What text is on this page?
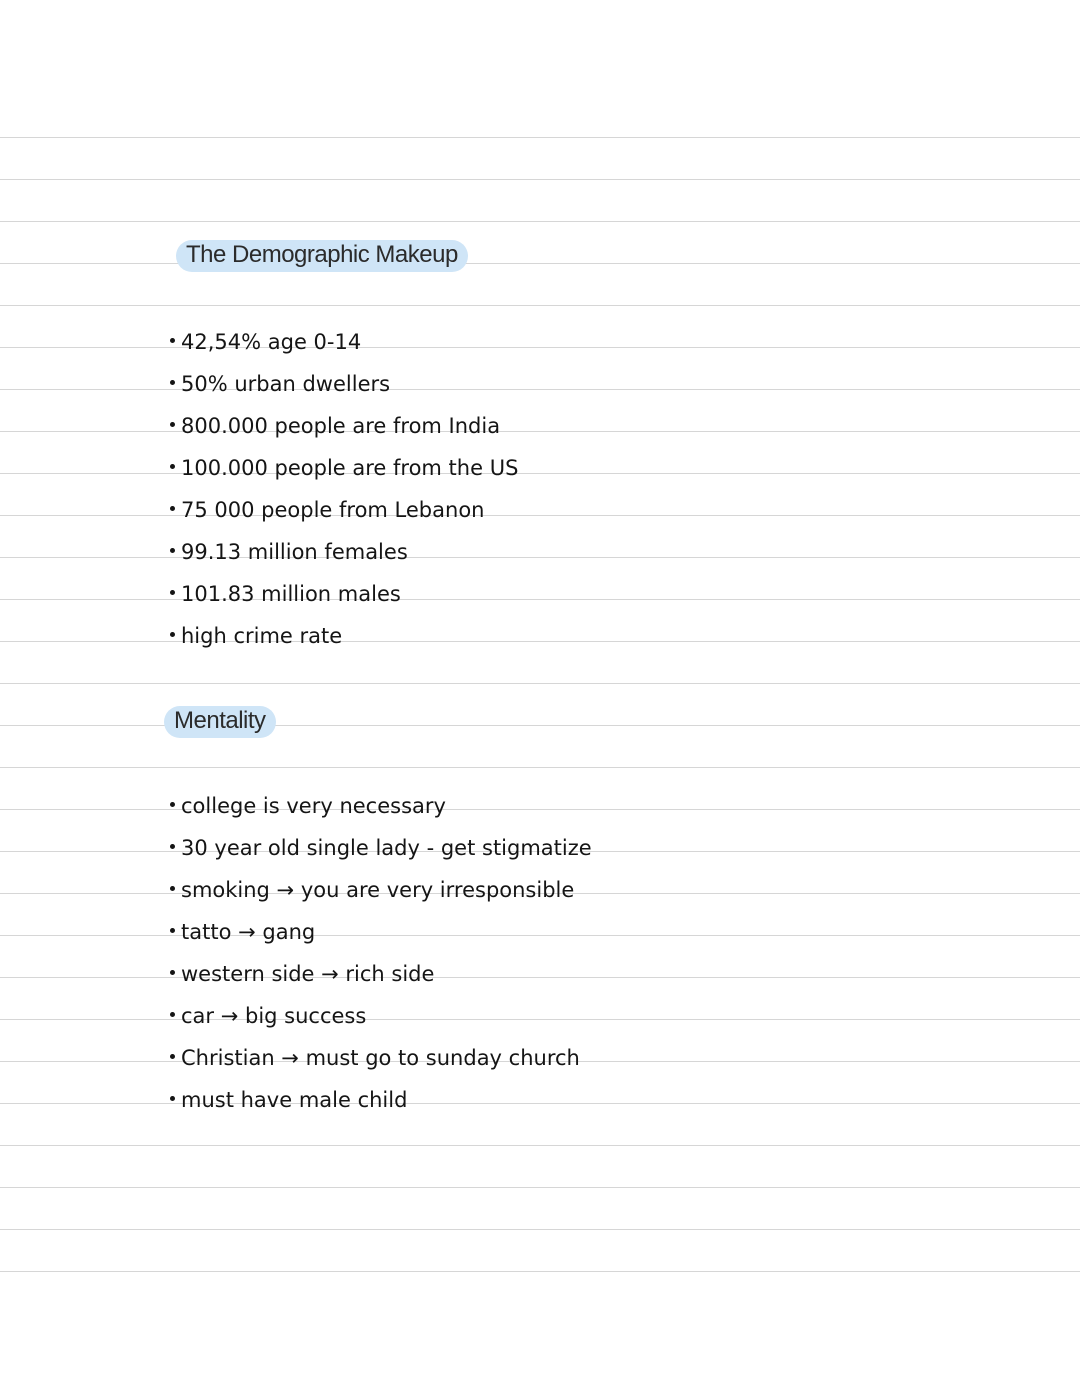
The Demographic Makeup
42,54% age 0-14
50% urban dwellers
800.000 people are from India
100.000 people are from the US
75 000 people from Lebanon
99.13 million females
101.83 million males
high crime rate
Mentality
college is very necessary
30 year old single lady - get stigmatize
smoking → you are very irresponsible
tatto → gang
western side → rich side
car → big success
Christian → must go to sunday church
must have male child
